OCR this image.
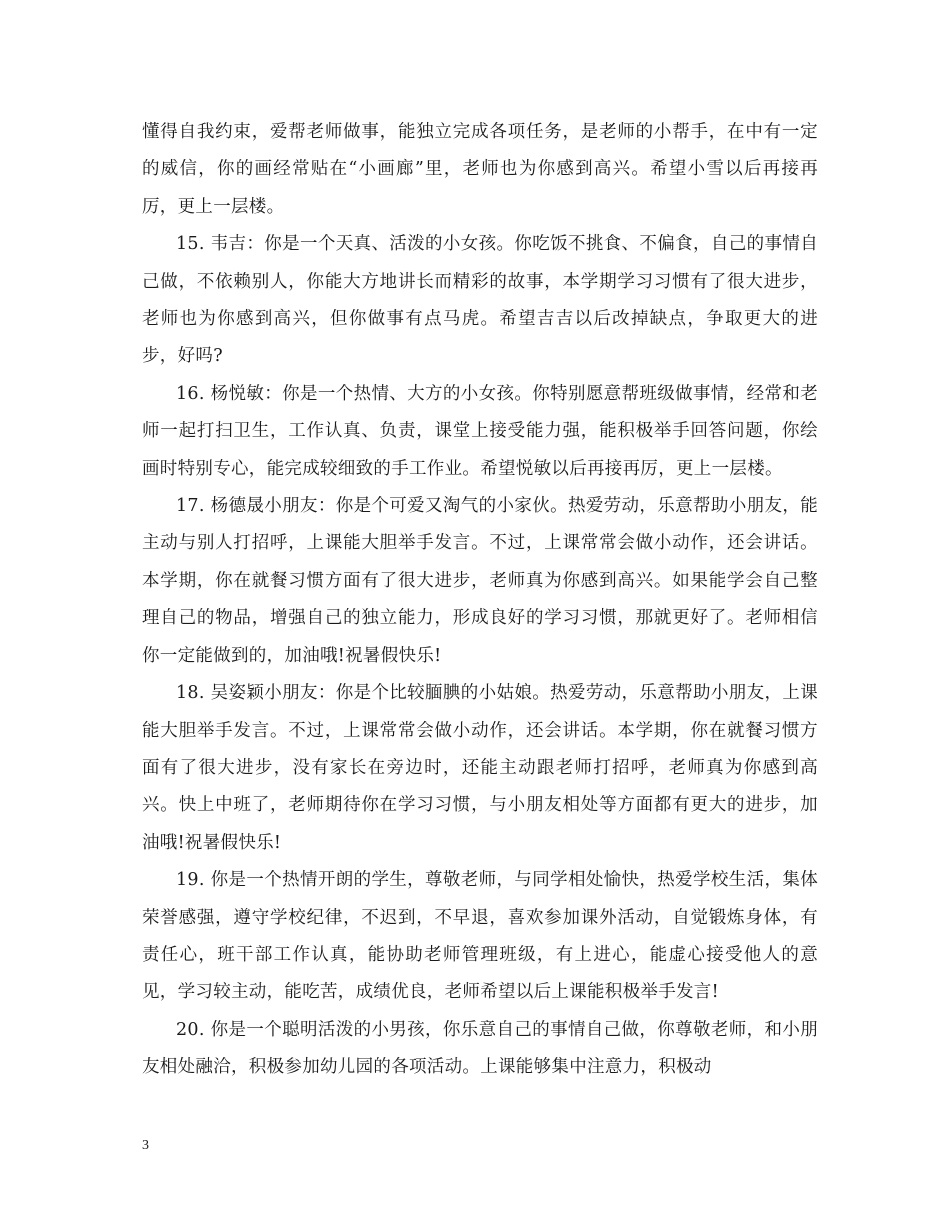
懂得自我约束，爱帮老师做事，能独立完成各项任务，是老师的小帮手，在中有一定的威信，你的画经常贴在“小画廊”里，老师也为你感到高兴。希望小雪以后再接再厉，更上一层楼。

15. 韦吉：你是一个天真、活泼的小女孩。你吃饭不挑食、不偏食，自己的事情自己做，不依赖别人，你能大方地讲长而精彩的故事，本学期学习习惯有了很大进步，老师也为你感到高兴，但你做事有点马虎。希望吉吉以后改掉缺点，争取更大的进步，好吗?

16. 杨悦敏：你是一个热情、大方的小女孩。你特别愿意帮班级做事情，经常和老师一起打扫卫生，工作认真、负责，课堂上接受能力强，能积极举手回答问题，你绘画时特别专心，能完成较细致的手工作业。希望悦敏以后再接再厉，更上一层楼。

17. 杨德晟小朋友：你是个可爱又淘气的小家伙。热爱劳动，乐意帮助小朋友，能主动与别人打招呼，上课能大胆举手发言。不过，上课常常会做小动作，还会讲话。本学期，你在就餐习惯方面有了很大进步，老师真为你感到高兴。如果能学会自己整理自己的物品，增强自己的独立能力，形成良好的学习习惯，那就更好了。老师相信你一定能做到的，加油哦!祝暑假快乐!

18. 吴姿颖小朋友：你是个比较腼腆的小姑娘。热爱劳动，乐意帮助小朋友，上课能大胆举手发言。不过，上课常常会做小动作，还会讲话。本学期，你在就餐习惯方面有了很大进步，没有家长在旁边时，还能主动跟老师打招呼，老师真为你感到高兴。快上中班了，老师期待你在学习习惯，与小朋友相处等方面都有更大的进步，加油哦!祝暑假快乐!

19. 你是一个热情开朗的学生，尊敬老师，与同学相处愉快，热爱学校生活，集体荣誉感强，遵守学校纪律，不迟到，不早退，喜欢参加课外活动，自觉锻炼身体，有责任心，班干部工作认真，能协助老师管理班级，有上进心，能虚心接受他人的意见，学习较主动，能吃苦，成绩优良，老师希望以后上课能积极举手发言!

20. 你是一个聪明活泼的小男孩，你乐意自己的事情自己做，你尊敬老师，和小朋友相处融洽，积极参加幼儿园的各项活动。上课能够集中注意力，积极动

3
